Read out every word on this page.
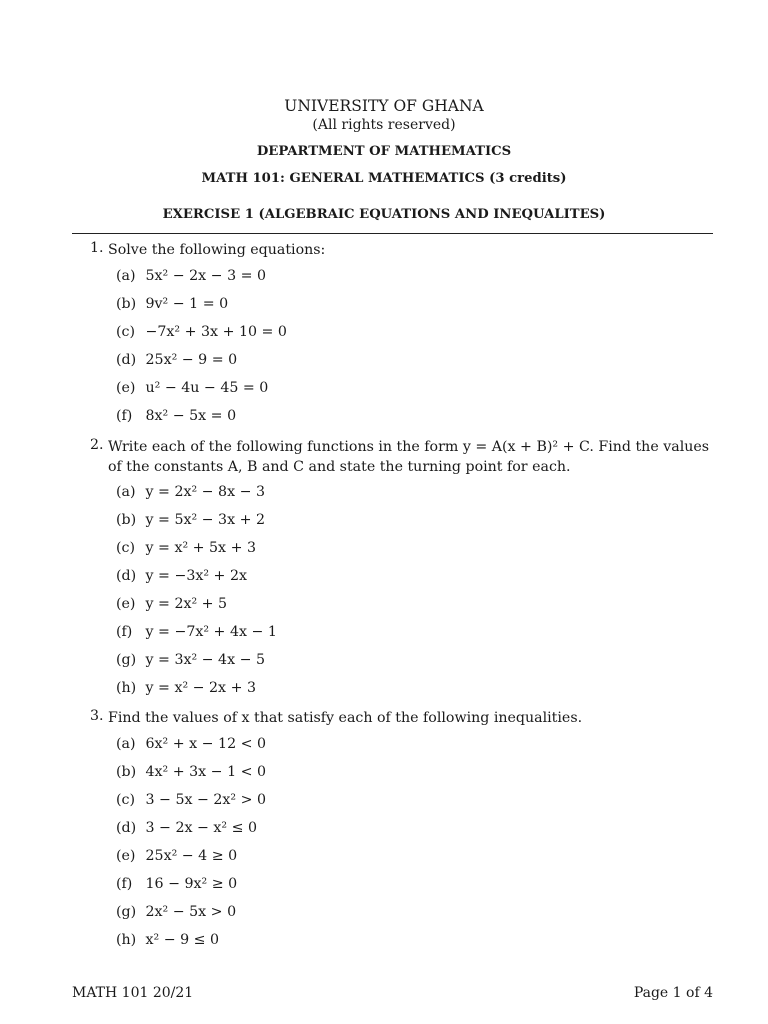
UNIVERSITY OF GHANA
(All rights reserved)
DEPARTMENT OF MATHEMATICS
MATH 101: GENERAL MATHEMATICS (3 credits)
EXERCISE 1 (ALGEBRAIC EQUATIONS AND INEQUALITES)
1. Solve the following equations:
(a) 5x² − 2x − 3 = 0
(b) 9v² − 1 = 0
(c) −7x² + 3x + 10 = 0
(d) 25x² − 9 = 0
(e) u² − 4u − 45 = 0
(f) 8x² − 5x = 0
2. Write each of the following functions in the form y = A(x + B)² + C. Find the values of the constants A, B and C and state the turning point for each.
(a) y = 2x² − 8x − 3
(b) y = 5x² − 3x + 2
(c) y = x² + 5x + 3
(d) y = −3x² + 2x
(e) y = 2x² + 5
(f) y = −7x² + 4x − 1
(g) y = 3x² − 4x − 5
(h) y = x² − 2x + 3
3. Find the values of x that satisfy each of the following inequalities.
(a) 6x² + x − 12 < 0
(b) 4x² + 3x − 1 < 0
(c) 3 − 5x − 2x² > 0
(d) 3 − 2x − x² ≤ 0
(e) 25x² − 4 ≥ 0
(f) 16 − 9x² ≥ 0
(g) 2x² − 5x > 0
(h) x² − 9 ≤ 0
MATH 101 20/21	Page 1 of 4
